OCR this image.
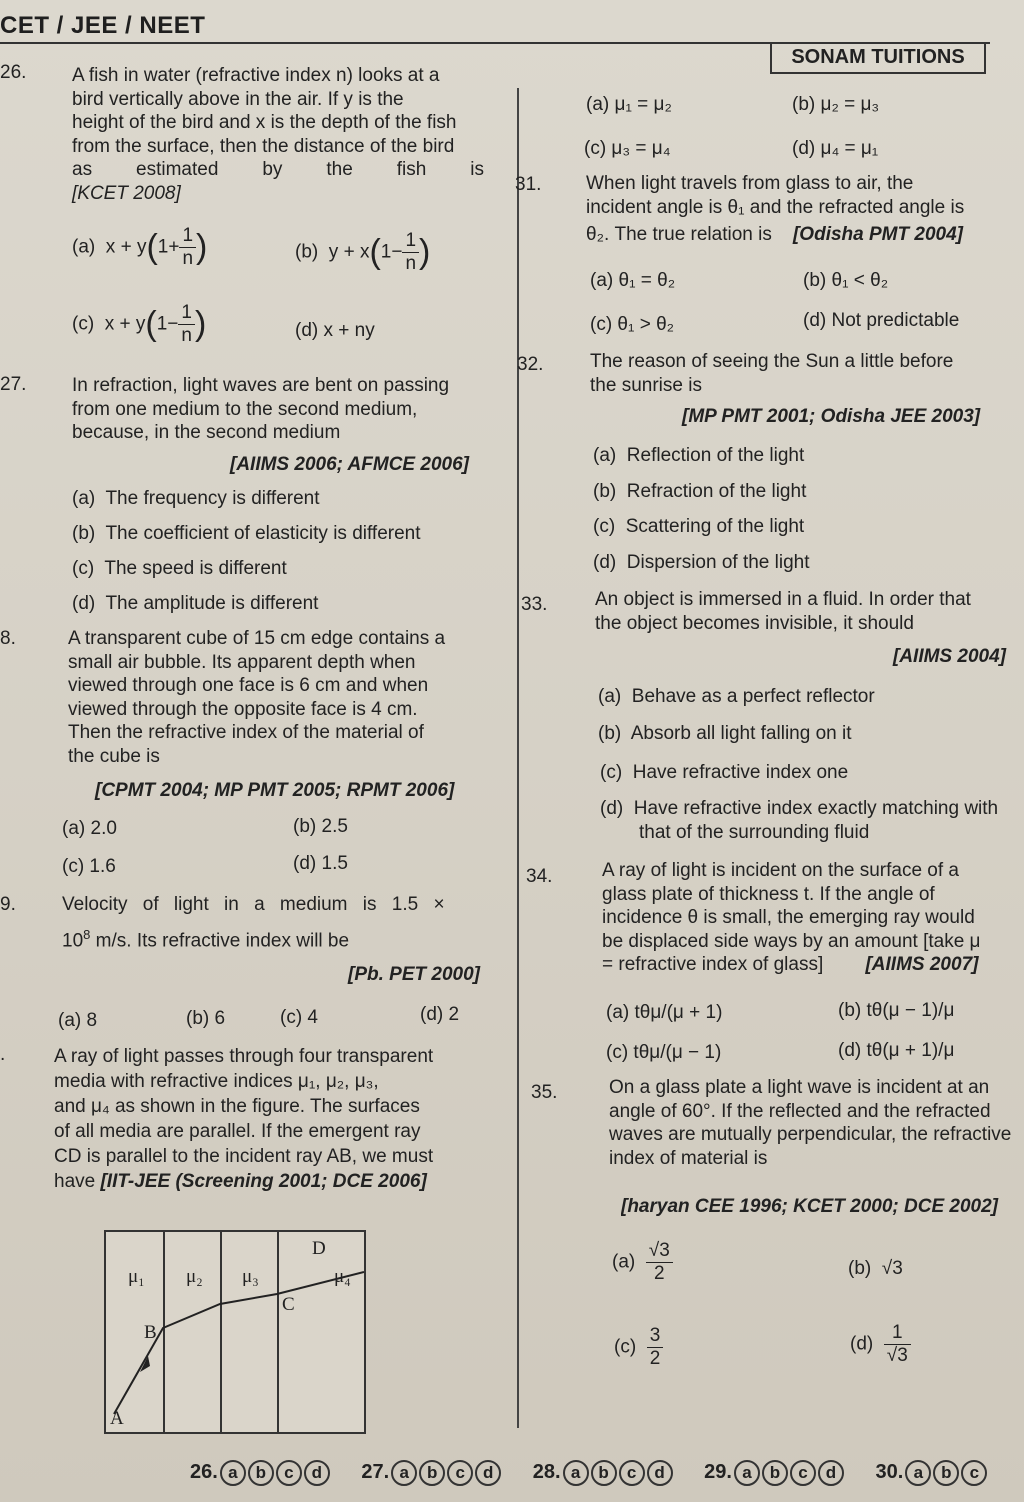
CET / JEE / NEET
SONAM TUITIONS
26. A fish in water (refractive index n) looks at a
bird vertically above in the air. If y is the
height of the bird and x is the depth of the fish
from the surface, then the distance of the bird
as estimated by the fish is
[KCET 2008]
(a) $x + y(1+ \frac{1}{n}$ )	(b) $y + x(1- \frac{1}{n}$ )
(c) $x + y(1- \frac{1}{n}$ )	(d) x + ny
27. In refraction, light waves are bent on passing
from one medium to the second medium,
because, in the second medium
[AIIMS 2006; AFMCE 2006]
(a) The frequency is different
(b) The coefficient of elasticity is different
(c) The speed is different
(d) The amplitude is different
8.	A transparent cube of 15 cm edge contains a
small air bubble. Its apparent depth when
viewed through one face is 6 cm and when
viewed through the opposite face is 4 cm.
Then the refractive index of the material of
the cube is
[CPMT 2004; MP PMT 2005; RPMT 2006]
(a) 2.0	(b) 2.5
(c) 1.6	(d) 1.5
9. Velocity of light in a medium is 1.5 ×
$10^8$ m/s. Its refractive index will be
[Pb. PET 2000]
(a) 8	(b) 6	(c) 4	(d) 2
.	A ray of light passes through four transparent
media with refractive indices μ₁, μ₂, μ₃,
and μ₄ as shown in the figure. The surfaces
of all media are parallel. If the emergent ray
CD is parallel to the incident ray AB, we must
have [IIT-JEE (Screening 2001; DCE 2006]
μ₁ μ₂ μ₃	μ₄
A
B
C
D
(a) μ₁ = μ₂	(b) μ₂ = μ₃
(c) μ₃ = μ₄	(d) μ₄ = μ₁
31. When light travels from glass to air, the
incident angle is θ₁ and the refracted angle is
θ₂. The true relation is [Odisha PMT 2004]
(a) θ₁ = θ₂	(b) θ₁ < θ₂
(c) θ₁ > θ₂	(d) Not predictable
32. The reason of seeing the Sun a little before
the sunrise is
[MP PMT 2001; Odisha JEE 2003]
(a) Reflection of the light
(b) Refraction of the light
(c) Scattering of the light
(d) Dispersion of the light
33.	An object is immersed in a fluid. In order that
the object becomes invisible, it should
[AIIMS 2004]
(a) Behave as a perfect reflector
(b) Absorb all light falling on it
(c) Have refractive index one
(d) Have refractive index exactly matching with
that of the surrounding fluid
34.	A ray of light is incident on the surface of a
glass plate of thickness t. If the angle of
incidence θ is small, the emerging ray would
be displaced side ways by an amount [take μ
= refractive index of glass] [AIIMS 2007]
(a) tθμ/(μ + 1)	(b) tθ(μ − 1)/μ
(c) tθμ/(μ − 1)	(d) tθ(μ + 1)/μ
35.	On a glass plate a light wave is incident at an
angle of 60°. If the reflected and the refracted
waves are mutually perpendicular, the refractive
index of material is
[haryan CEE 1996; KCET 2000; DCE 2002]
$(a) \frac{√3}{2}$	(b) √3
$(c) \frac{3}{2}$	$(d) \frac{1}{√3}$
26. a b c d 27. a b c d 28. a b c d 29. a b c d 30. a b c
